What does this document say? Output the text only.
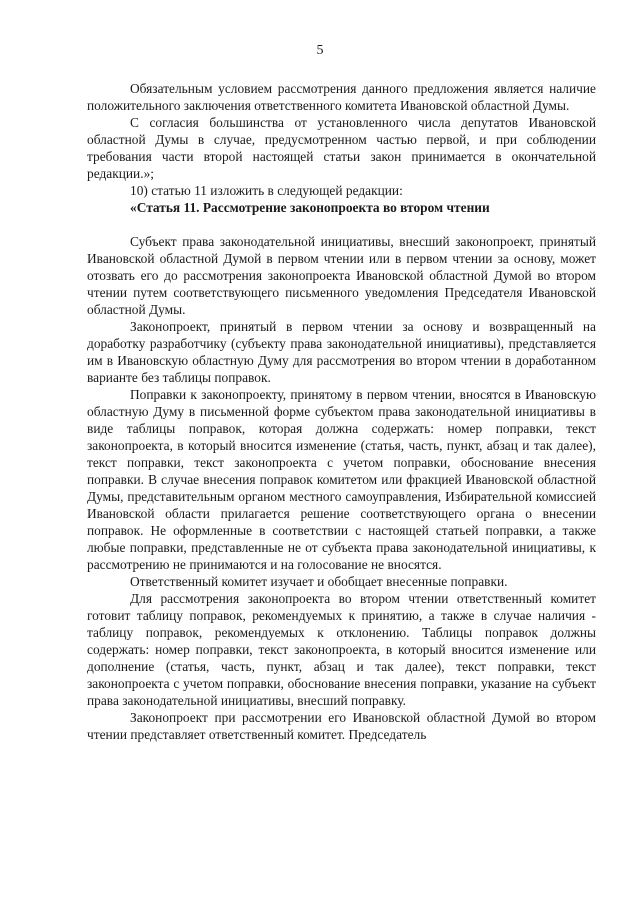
5

Обязательным условием рассмотрения данного предложения является наличие положительного заключения ответственного комитета Ивановской областной Думы.

С согласия большинства от установленного числа депутатов Ивановской областной Думы в случае, предусмотренном частью первой, и при соблюдении требования части второй настоящей статьи закон принимается в окончательной редакции.»;

10) статью 11 изложить в следующей редакции:

«Статья 11. Рассмотрение законопроекта во втором чтении

Субъект права законодательной инициативы, внесший законопроект, принятый Ивановской областной Думой в первом чтении или в первом чтении за основу, может отозвать его до рассмотрения законопроекта Ивановской областной Думой во втором чтении путем соответствующего письменного уведомления Председателя Ивановской областной Думы.

Законопроект, принятый в первом чтении за основу и возвращенный на доработку разработчику (субъекту права законодательной инициативы), представляется им в Ивановскую областную Думу для рассмотрения во втором чтении в доработанном варианте без таблицы поправок.

Поправки к законопроекту, принятому в первом чтении, вносятся в Ивановскую областную Думу в письменной форме субъектом права законодательной инициативы в виде таблицы поправок, которая должна содержать: номер поправки, текст законопроекта, в который вносится изменение (статья, часть, пункт, абзац и так далее), текст поправки, текст законопроекта с учетом поправки, обоснование внесения поправки. В случае внесения поправок комитетом или фракцией Ивановской областной Думы, представительным органом местного самоуправления, Избирательной комиссией Ивановской области прилагается решение соответствующего органа о внесении поправок. Не оформленные в соответствии с настоящей статьей поправки, а также любые поправки, представленные не от субъекта права законодательной инициативы, к рассмотрению не принимаются и на голосование не вносятся.

Ответственный комитет изучает и обобщает внесенные поправки.

Для рассмотрения законопроекта во втором чтении ответственный комитет готовит таблицу поправок, рекомендуемых к принятию, а также в случае наличия - таблицу поправок, рекомендуемых к отклонению. Таблицы поправок должны содержать: номер поправки, текст законопроекта, в который вносится изменение или дополнение (статья, часть, пункт, абзац и так далее), текст поправки, текст законопроекта с учетом поправки, обоснование внесения поправки, указание на субъект права законодательной инициативы, внесший поправку.

Законопроект при рассмотрении его Ивановской областной Думой во втором чтении представляет ответственный комитет. Председатель
